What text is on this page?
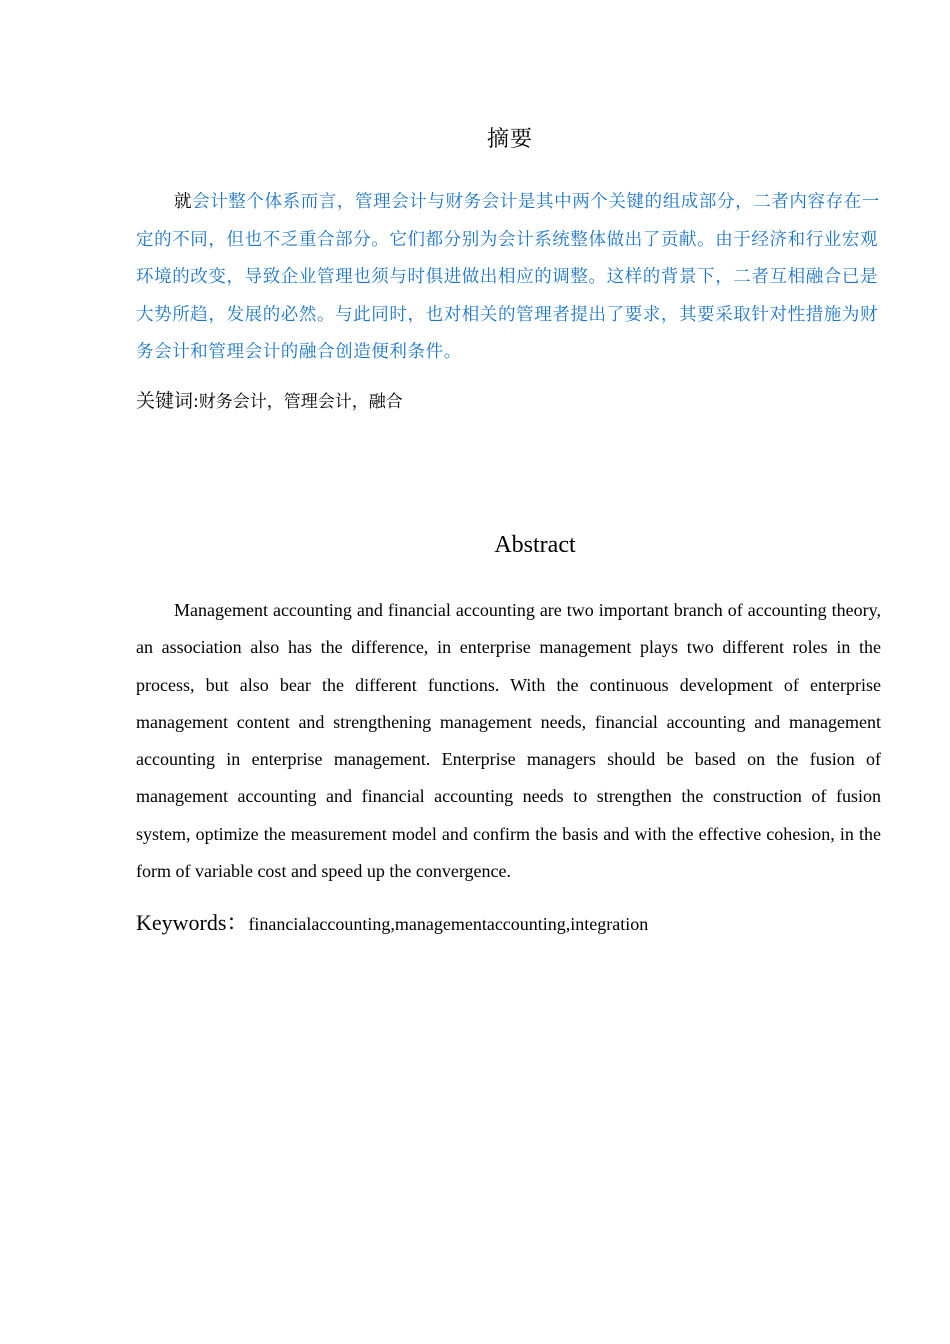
摘要

就会计整个体系而言，管理会计与财务会计是其中两个关键的组成部分，二者内容存在一定的不同，但也不乏重合部分。它们都分别为会计系统整体做出了贡献。由于经济和行业宏观环境的改变，导致企业管理也须与时俱进做出相应的调整。这样的背景下，二者互相融合已是大势所趋，发展的必然。与此同时，也对相关的管理者提出了要求，其要采取针对性措施为财务会计和管理会计的融合创造便利条件。

关键词:财务会计，管理会计，融合
Abstract

Management accounting and financial accounting are two important branch of accounting theory, an association also has the difference, in enterprise management plays two different roles in the process, but also bear the different functions. With the continuous development of enterprise management content and strengthening management needs, financial accounting and management accounting in enterprise management. Enterprise managers should be based on the fusion of management accounting and financial accounting needs to strengthen the construction of fusion system, optimize the measurement model and confirm the basis and with the effective cohesion, in the form of variable cost and speed up the convergence.

Keywords：financialaccounting,managementaccounting,integration
